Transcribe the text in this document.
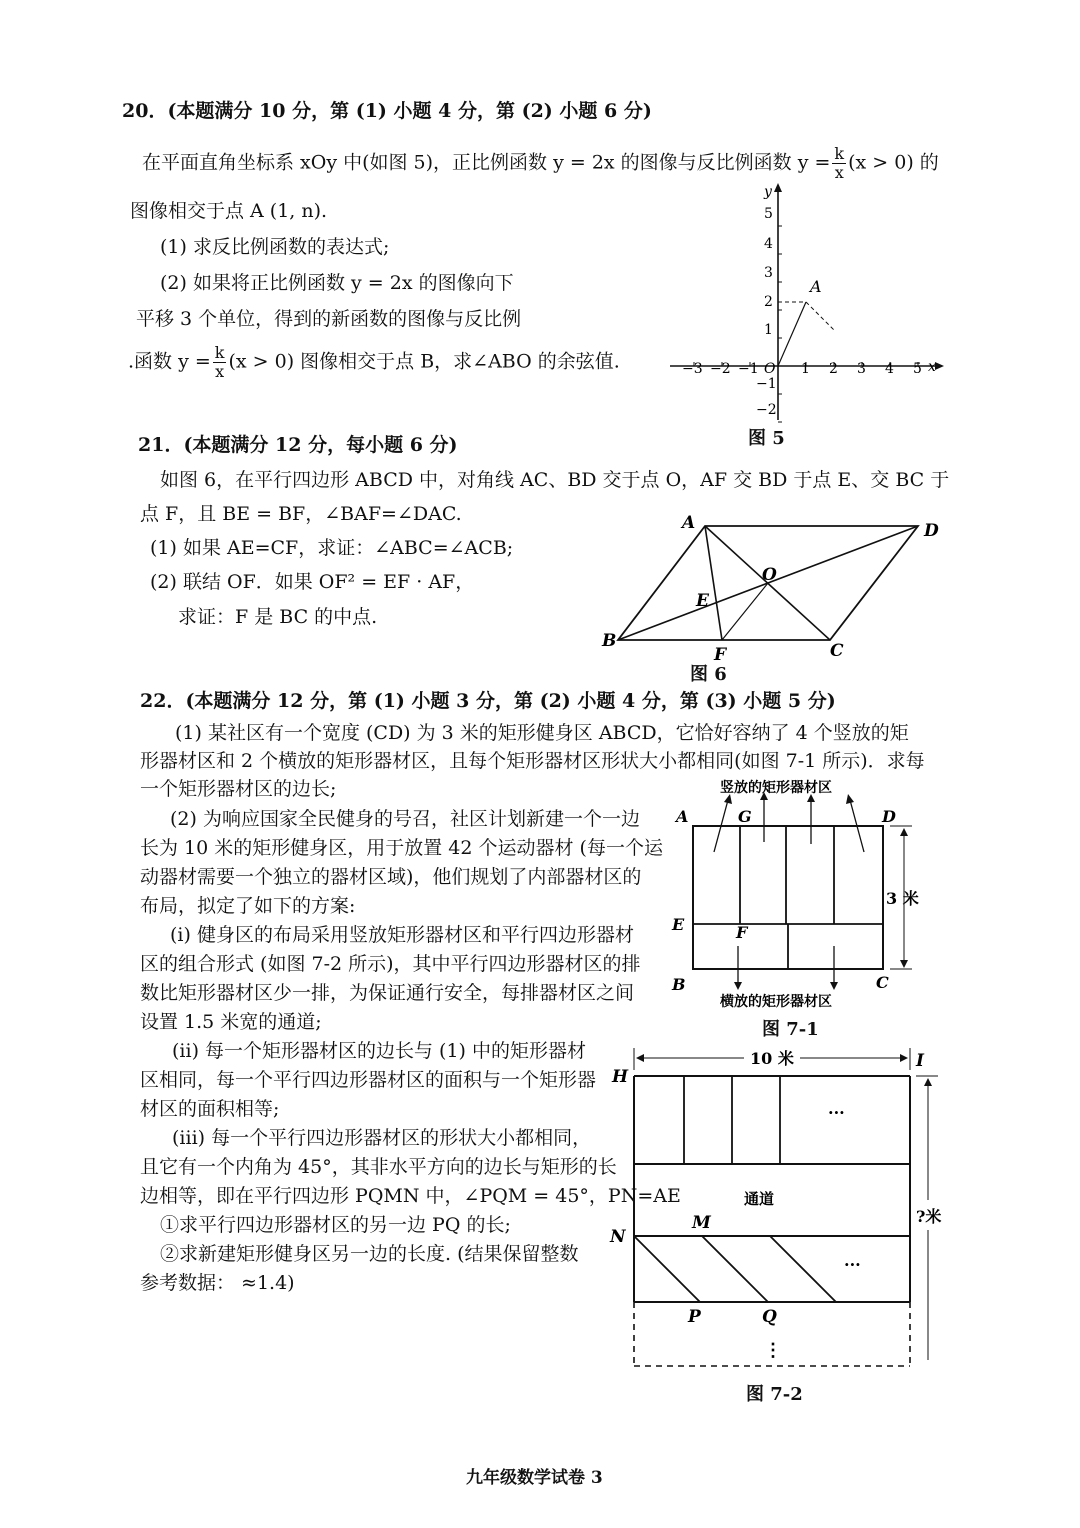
20．(本题满分 10 分，第 (1) 小题 4 分，第 (2) 小题 6 分)
在平面直角坐标系 xOy 中(如图 5)，正比例函数 y = 2x 的图像与反比例函数 $y = \frac{k}{x} (x > 0)$ 的
图像相交于点 A (1, n).
(1) 求反比例函数的表达式;
(2) 如果将正比例函数 y = 2x 的图像向下
平移 3 个单位，得到的新函数的图像与反比例
.函数 $y = \frac{k}{x} (x > 0)$ 图像相交于点 B，求∠ABO 的余弦值.
5
4
3
2
1
−1
−2
y
−3 −2 −1	1 2 3 4 5 x
O
A
图 5
21．(本题满分 12 分，每小题 6 分)
如图 6，在平行四边形 ABCD 中，对角线 AC、BD 交于点 O，AF 交 BD 于点 E、交 BC 于
点 F，且 BE = BF，∠BAF=∠DAC.
(1) 如果 AE=CF，求证：∠ABC=∠ACB;
(2) 联结 OF．如果 OF² = EF · AF，
求证：F 是 BC 的中点.
A	D
B	C
O
E
F
图 6
22．(本题满分 12 分，第 (1) 小题 3 分，第 (2) 小题 4 分，第 (3) 小题 5 分)
(1) 某社区有一个宽度 (CD) 为 3 米的矩形健身区 ABCD，它恰好容纳了 4 个竖放的矩
形器材区和 2 个横放的矩形器材区，且每个矩形器材区形状大小都相同(如图 7-1 所示)．求每
一个矩形器材区的边长;
(2) 为响应国家全民健身的号召，社区计划新建一个一边
长为 10 米的矩形健身区，用于放置 42 个运动器材 (每一个运
动器材需要一个独立的器材区域)，他们规划了内部器材区的
布局，拟定了如下的方案:
(i) 健身区的布局采用竖放矩形器材区和平行四边形器材
区的组合形式 (如图 7-2 所示)，其中平行四边形器材区的排
数比矩形器材区少一排，为保证通行安全，每排器材区之间
设置 1.5 米宽的通道;
(ii) 每一个矩形器材区的边长与 (1) 中的矩形器材
区相同，每一个平行四边形器材区的面积与一个矩形器
材区的面积相等;
(iii) 每一个平行四边形器材区的形状大小都相同，
且它有一个内角为 45°，其非水平方向的边长与矩形的长
边相等，即在平行四边形 PQMN 中，∠PQM = 45°，PN=AE
①求平行四边形器材区的另一边 PQ 的长;
②求新建矩形健身区另一边的长度. (结果保留整数
参考数据： ≈1.4)
3 米
竖放的矩形器材区
横放的矩形器材区
A	G	D
E	F
B	C
图 7-1
···
通道
···
⋮
10 米
?米
H
I
N
M
P	Q
图 7-2
九年级数学试卷 3
